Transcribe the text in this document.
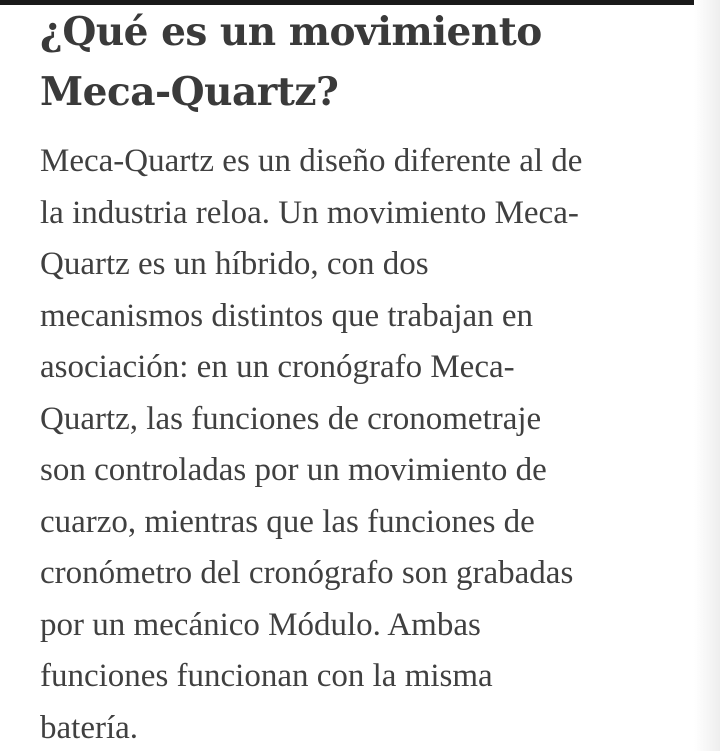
¿Qué es un movimiento
Meca-Quartz?

Meca-Quartz es un diseño diferente al de
la industria reloa. Un movimiento Meca-
Quartz es un híbrido, con dos
mecanismos distintos que trabajan en
asociación: en un cronógrafo Meca-
Quartz, las funciones de cronometraje
son controladas por un movimiento de
cuarzo, mientras que las funciones de
cronómetro del cronógrafo son grabadas
por un mecánico Módulo. Ambas
funciones funcionan con la misma
batería.
